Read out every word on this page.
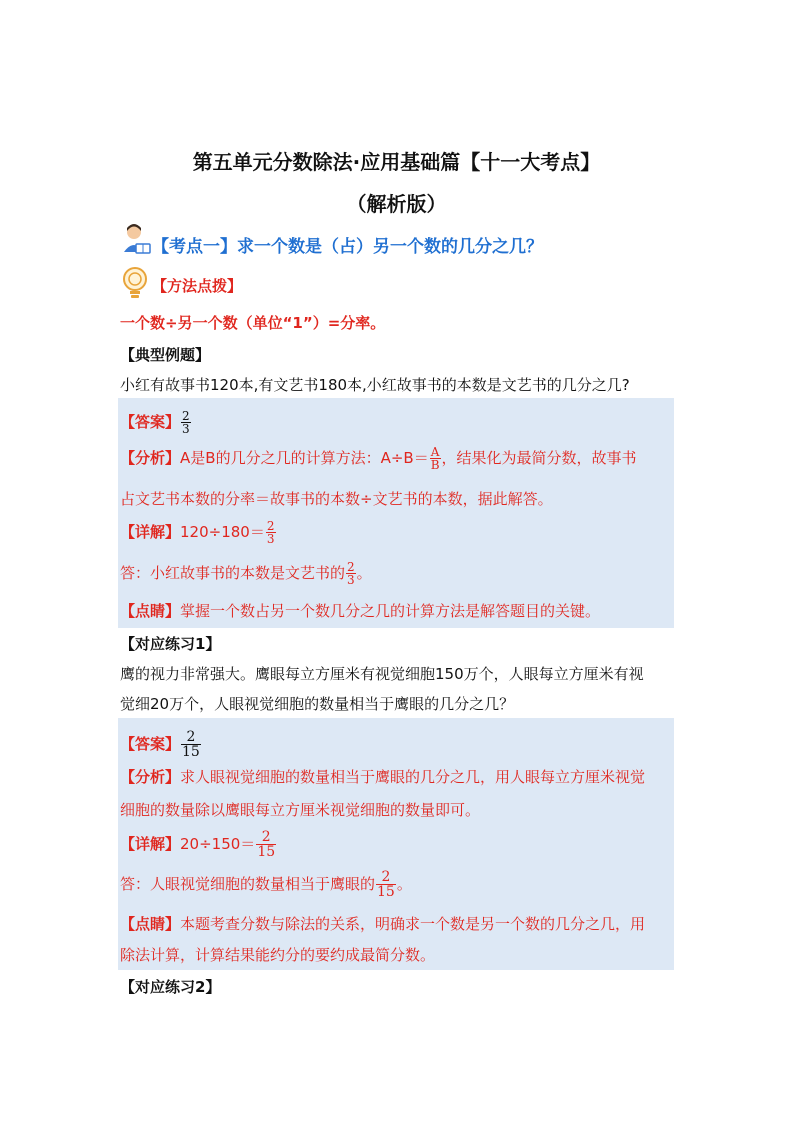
第五单元分数除法·应用基础篇【十一大考点】
（解析版）
【考点一】求一个数是（占）另一个数的几分之几？
【方法点拨】
一个数÷另一个数（单位“1”）=分率。
【典型例题】
小红有故事书120本,有文艺书180本,小红故事书的本数是文艺书的几分之几?
【答案】 $\frac{2}{3}$
【分析】A是B的几分之几的计算方法：$A\div B= \frac{A}{B}$ ，结果化为最简分数，故事书
占文艺书本数的分率＝故事书的本数÷文艺书的本数，据此解答。
【详解】$120\div 180= \frac{2}{3}$
答：小红故事书的本数是文艺书的 $\frac{2}{3}$ 。
【点睛】掌握一个数占另一个数几分之几的计算方法是解答题目的关键。
【对应练习1】
鹰的视力非常强大。鹰眼每立方厘米有视觉细胞150万个，人眼每立方厘米有视
觉细20万个，人眼视觉细胞的数量相当于鹰眼的几分之几？
【答案】 $\frac{2}{15}$
【分析】求人眼视觉细胞的数量相当于鹰眼的几分之几，用人眼每立方厘米视觉
细胞的数量除以鹰眼每立方厘米视觉细胞的数量即可。
【详解】$20\div 150= \frac{2}{15}$
答：人眼视觉细胞的数量相当于鹰眼的 $\frac{2}{15}$ 。
【点睛】本题考查分数与除法的关系，明确求一个数是另一个数的几分之几，用
除法计算，计算结果能约分的要约成最简分数。
【对应练习2】
